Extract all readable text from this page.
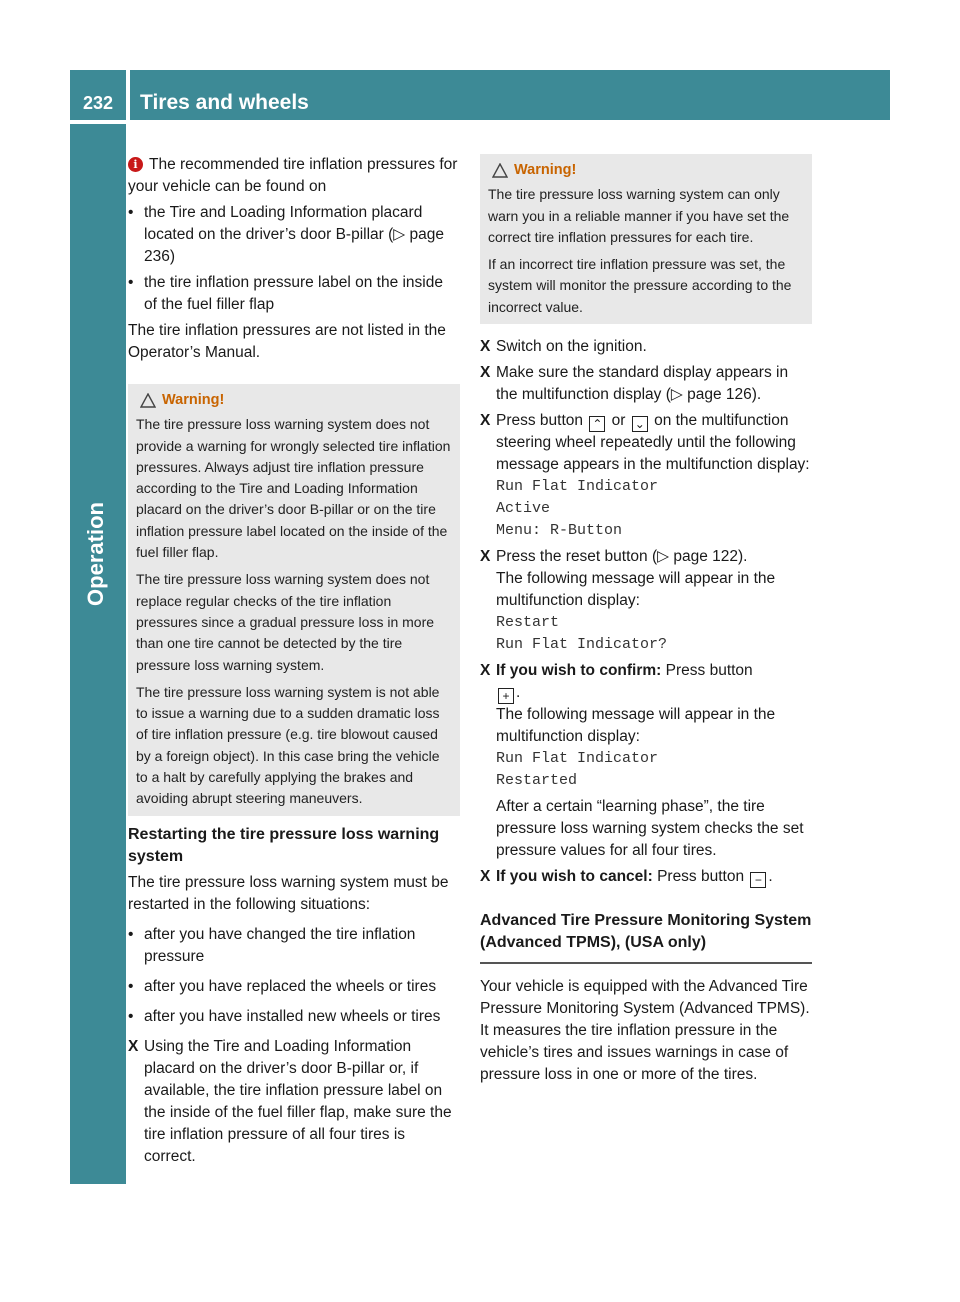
232	Tires and wheels
Operation

i The recommended tire inflation pressures for your vehicle can be found on

• the Tire and Loading Information placard located on the driver’s door B-pillar (▷ page 236)
• the tire inflation pressure label on the inside of the fuel filler flap

The tire inflation pressures are not listed in the Operator’s Manual.

Warning!

The tire pressure loss warning system does not provide a warning for wrongly selected tire inflation pressures. Always adjust tire inflation pressure according to the Tire and Loading Information placard on the driver’s door B-pillar or on the tire inflation pressure label located on the inside of the fuel filler flap.

The tire pressure loss warning system does not replace regular checks of the tire inflation pressures since a gradual pressure loss in more than one tire cannot be detected by the tire pressure loss warning system.

The tire pressure loss warning system is not able to issue a warning due to a sudden dramatic loss of tire inflation pressure (e.g. tire blowout caused by a foreign object). In this case bring the vehicle to a halt by carefully applying the brakes and avoiding abrupt steering maneuvers.

Restarting the tire pressure loss warning system

The tire pressure loss warning system must be restarted in the following situations:

• after you have changed the tire inflation pressure
• after you have replaced the wheels or tires
• after you have installed new wheels or tires
X Using the Tire and Loading Information placard on the driver’s door B-pillar or, if available, the tire inflation pressure label on the inside of the fuel filler flap, make sure the tire inflation pressure of all four tires is correct.
Warning!

The tire pressure loss warning system can only warn you in a reliable manner if you have set the correct tire inflation pressures for each tire.

If an incorrect tire inflation pressure was set, the system will monitor the pressure according to the incorrect value.

X Switch on the ignition.
X Make sure the standard display appears in the multifunction display (▷ page 126).
X Press button ⌃ or ⌄ on the multifunction steering wheel repeatedly until the following message appears in the multifunction display:
Run Flat Indicator
Active
Menu: R-Button
X Press the reset button (▷ page 122).
The following message will appear in the multifunction display:
Restart
Run Flat Indicator?
X If you wish to confirm: Press button
+ .
The following message will appear in the multifunction display:
Run Flat Indicator
Restarted
After a certain “learning phase”, the tire pressure loss warning system checks the set pressure values for all four tires.
X If you wish to cancel: Press button − .

Advanced Tire Pressure Monitoring System (Advanced TPMS), (USA only)

Your vehicle is equipped with the Advanced Tire Pressure Monitoring System (Advanced TPMS). It measures the tire inflation pressure in the vehicle’s tires and issues warnings in case of pressure loss in one or more of the tires.
